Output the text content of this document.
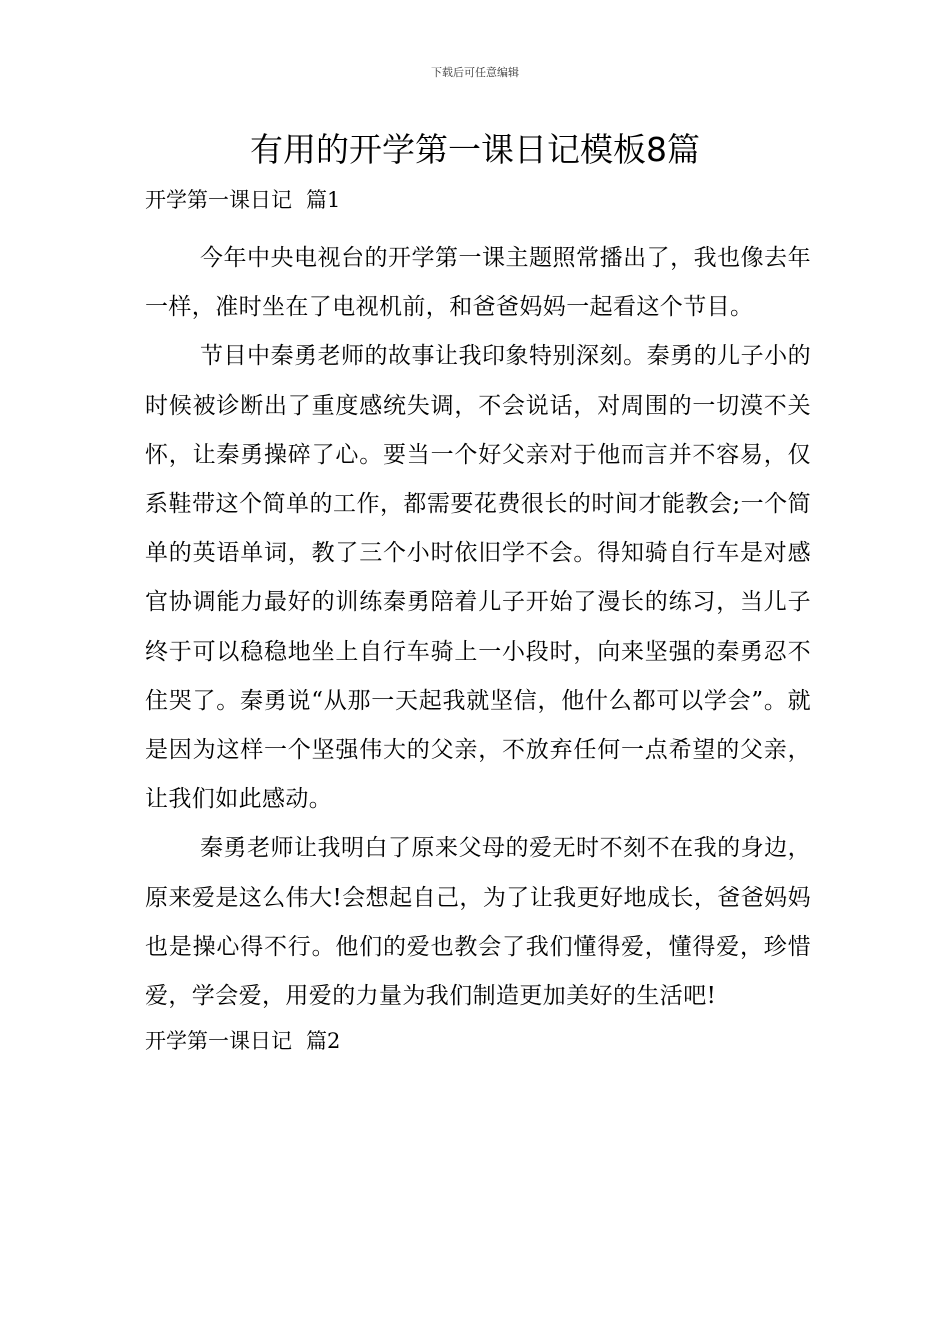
下载后可任意编辑
有用的开学第一课日记模板8篇
开学第一课日记 篇1

今年中央电视台的开学第一课主题照常播出了，我也像去年一样，准时坐在了电视机前，和爸爸妈妈一起看这个节目。

节目中秦勇老师的故事让我印象特别深刻。秦勇的儿子小的时候被诊断出了重度感统失调，不会说话，对周围的一切漠不关怀，让秦勇操碎了心。要当一个好父亲对于他而言并不容易，仅系鞋带这个简单的工作，都需要花费很长的时间才能教会;一个简单的英语单词，教了三个小时依旧学不会。得知骑自行车是对感官协调能力最好的训练秦勇陪着儿子开始了漫长的练习，当儿子终于可以稳稳地坐上自行车骑上一小段时，向来坚强的秦勇忍不住哭了。秦勇说“从那一天起我就坚信，他什么都可以学会”。就是因为这样一个坚强伟大的父亲，不放弃任何一点希望的父亲，让我们如此感动。

秦勇老师让我明白了原来父母的爱无时不刻不在我的身边，原来爱是这么伟大!会想起自己，为了让我更好地成长，爸爸妈妈也是操心得不行。他们的爱也教会了我们懂得爱，懂得爱，珍惜爱，学会爱，用爱的力量为我们制造更加美好的生活吧!

开学第一课日记 篇2
